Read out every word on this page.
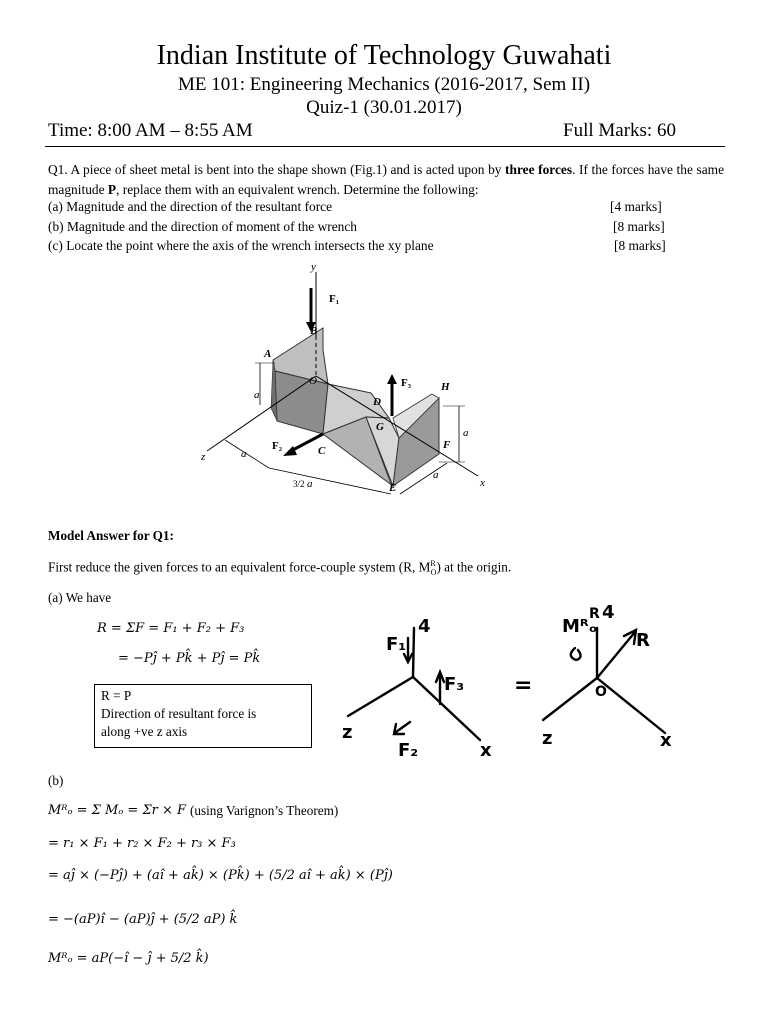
Indian Institute of Technology Guwahati
ME 101: Engineering Mechanics (2016-2017, Sem II)
Quiz-1 (30.01.2017)
Time: 8:00 AM – 8:55 AM	Full Marks: 60
Q1. A piece of sheet metal is bent into the shape shown (Fig.1) and is acted upon by three forces. If the forces have the same magnitude P, replace them with an equivalent wrench. Determine the following:
(a) Magnitude and the direction of the resultant force	[4 marks]
(b) Magnitude and the direction of moment of the wrench	[8 marks]
(c) Locate the point where the axis of the wrench intersects the xy plane	[8 marks]
y
F₁
B
A
O
a
F₃	H
D
G	a
F
F₂	C
z	a
3/2 a	E
a
x
Model Answer for Q1:
First reduce the given forces to an equivalent force-couple system (R, $M^R_O$) at the origin.
(a) We have
R = ΣF = F₁ + F₂ + F₃
= −Pĵ + Pk̂ + Pĵ = Pk̂
R = P
Direction of resultant force is
along +ve z axis
(b)
Mᴿₒ = Σ Mₒ = Σr × F (using Varignon’s Theorem)
= r₁ × F₁ + r₂ × F₂ + r₃ × F₃
= aĵ × (−Pĵ) + (aî + ak̂) × (Pk̂) + (5/2 aî + ak̂) × (Pĵ)
= −(aP)î − (aP)ĵ + (5/2 aP) k̂
Mᴿₒ = aP(−î − ĵ + 5/2 k̂)
4
F₁
F₃
z
F₂	x
=
Mᴿₒ
R 4
R
O
z	x
